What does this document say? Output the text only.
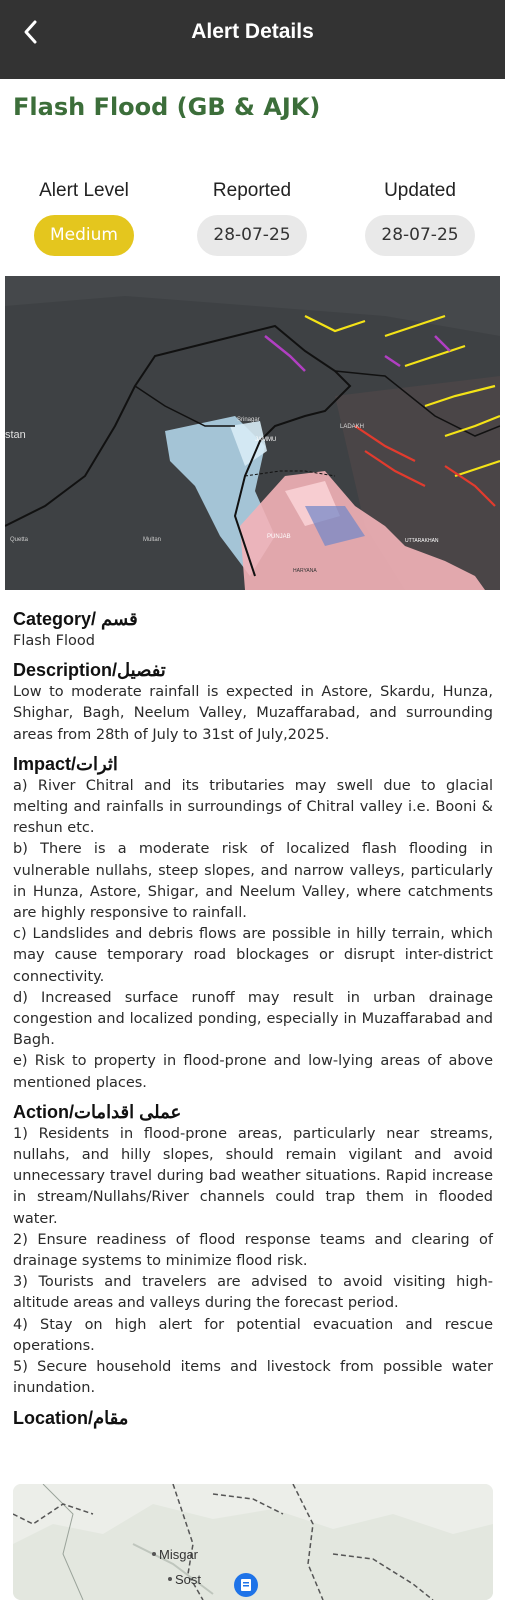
Alert Details
Flash Flood (GB & AJK)
Alert Level
Medium
Reported
28-07-25
Updated
28-07-25
stan
Srinagar
JAMMU
LADAKH
PUNJAB
Quetta	Multan
HARYANA
UTTARAKHAN
Category/ قسم
Flash Flood
Description/تفصیل
Low to moderate rainfall is expected in Astore, Skardu, Hunza, Shighar, Bagh, Neelum Valley, Muzaffarabad, and surrounding areas from 28th of July to 31st of July,2025.
Impact/اثرات
a) River Chitral and its tributaries may swell due to glacial melting and rainfalls in surroundings of Chitral valley i.e. Booni & reshun etc.
b) There is a moderate risk of localized flash flooding in vulnerable nullahs, steep slopes, and narrow valleys, particularly in Hunza, Astore, Shigar, and Neelum Valley, where catchments are highly responsive to rainfall.
c) Landslides and debris flows are possible in hilly terrain, which may cause temporary road blockages or disrupt inter-district connectivity.
d) Increased surface runoff may result in urban drainage congestion and localized ponding, especially in Muzaffarabad and Bagh.
e) Risk to property in flood-prone and low-lying areas of above mentioned places.
Action/عملی اقدامات
1) Residents in flood-prone areas, particularly near streams, nullahs, and hilly slopes, should remain vigilant and avoid unnecessary travel during bad weather situations. Rapid increase in stream/Nullahs/River channels could trap them in flooded water.
2) Ensure readiness of flood response teams and clearing of drainage systems to minimize flood risk.
3) Tourists and travelers are advised to avoid visiting high-altitude areas and valleys during the forecast period.
4) Stay on high alert for potential evacuation and rescue operations.
5) Secure household items and livestock from possible water inundation.
Location/مقام
Misgar
Sost
